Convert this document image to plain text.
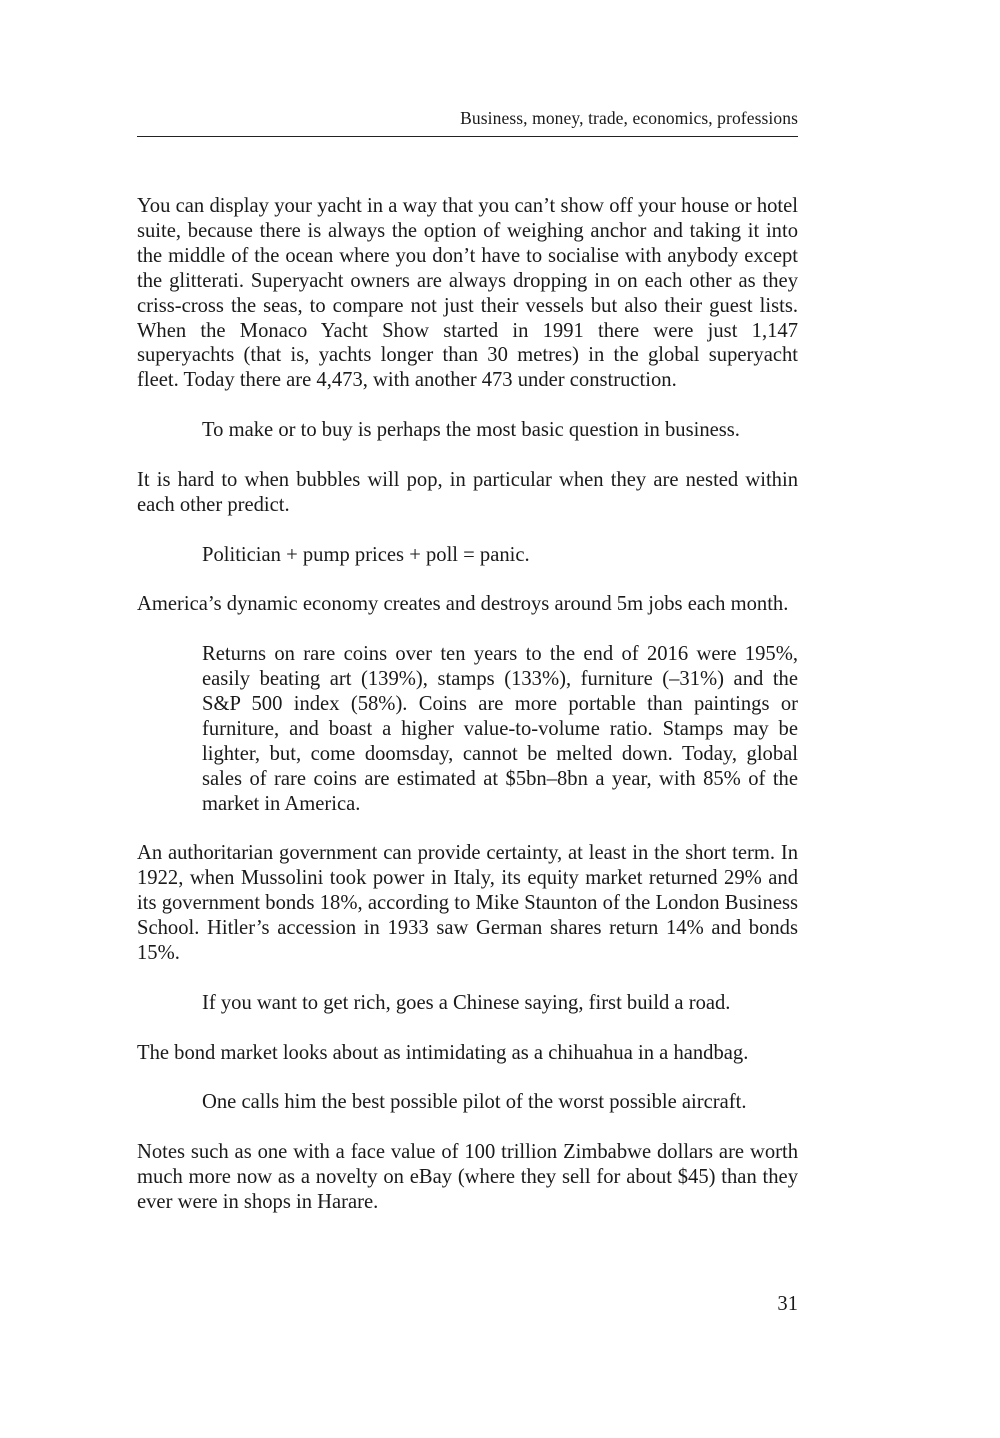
Business, money, trade, economics, professions

You can display your yacht in a way that you can’t show off your house or hotel suite, because there is always the option of weighing anchor and taking it into the middle of the ocean where you don’t have to socialise with anybody except the glitterati. Superyacht owners are always dropping in on each other as they criss-cross the seas, to compare not just their vessels but also their guest lists. When the Monaco Yacht Show started in 1991 there were just 1,147 superyachts (that is, yachts longer than 30 metres) in the global superyacht fleet. Today there are 4,473, with another 473 under construction.

To make or to buy is perhaps the most basic question in business.

It is hard to when bubbles will pop, in particular when they are nested within each other predict.

Politician + pump prices + poll = panic.

America’s dynamic economy creates and destroys around 5m jobs each month.

Returns on rare coins over ten years to the end of 2016 were 195%, easily beating art (139%), stamps (133%), furniture (–31%) and the S&P 500 index (58%). Coins are more portable than paintings or furniture, and boast a higher value-to-volume ratio. Stamps may be lighter, but, come doomsday, cannot be melted down. Today, global sales of rare coins are estimated at $5bn–8bn a year, with 85% of the market in America.

An authoritarian government can provide certainty, at least in the short term. In 1922, when Mussolini took power in Italy, its equity market returned 29% and its government bonds 18%, according to Mike Staunton of the London Business School. Hitler’s accession in 1933 saw German shares return 14% and bonds 15%.

If you want to get rich, goes a Chinese saying, first build a road.

The bond market looks about as intimidating as a chihuahua in a handbag.

One calls him the best possible pilot of the worst possible aircraft.

Notes such as one with a face value of 100 trillion Zimbabwe dollars are worth much more now as a novelty on eBay (where they sell for about $45) than they ever were in shops in Harare.

31
